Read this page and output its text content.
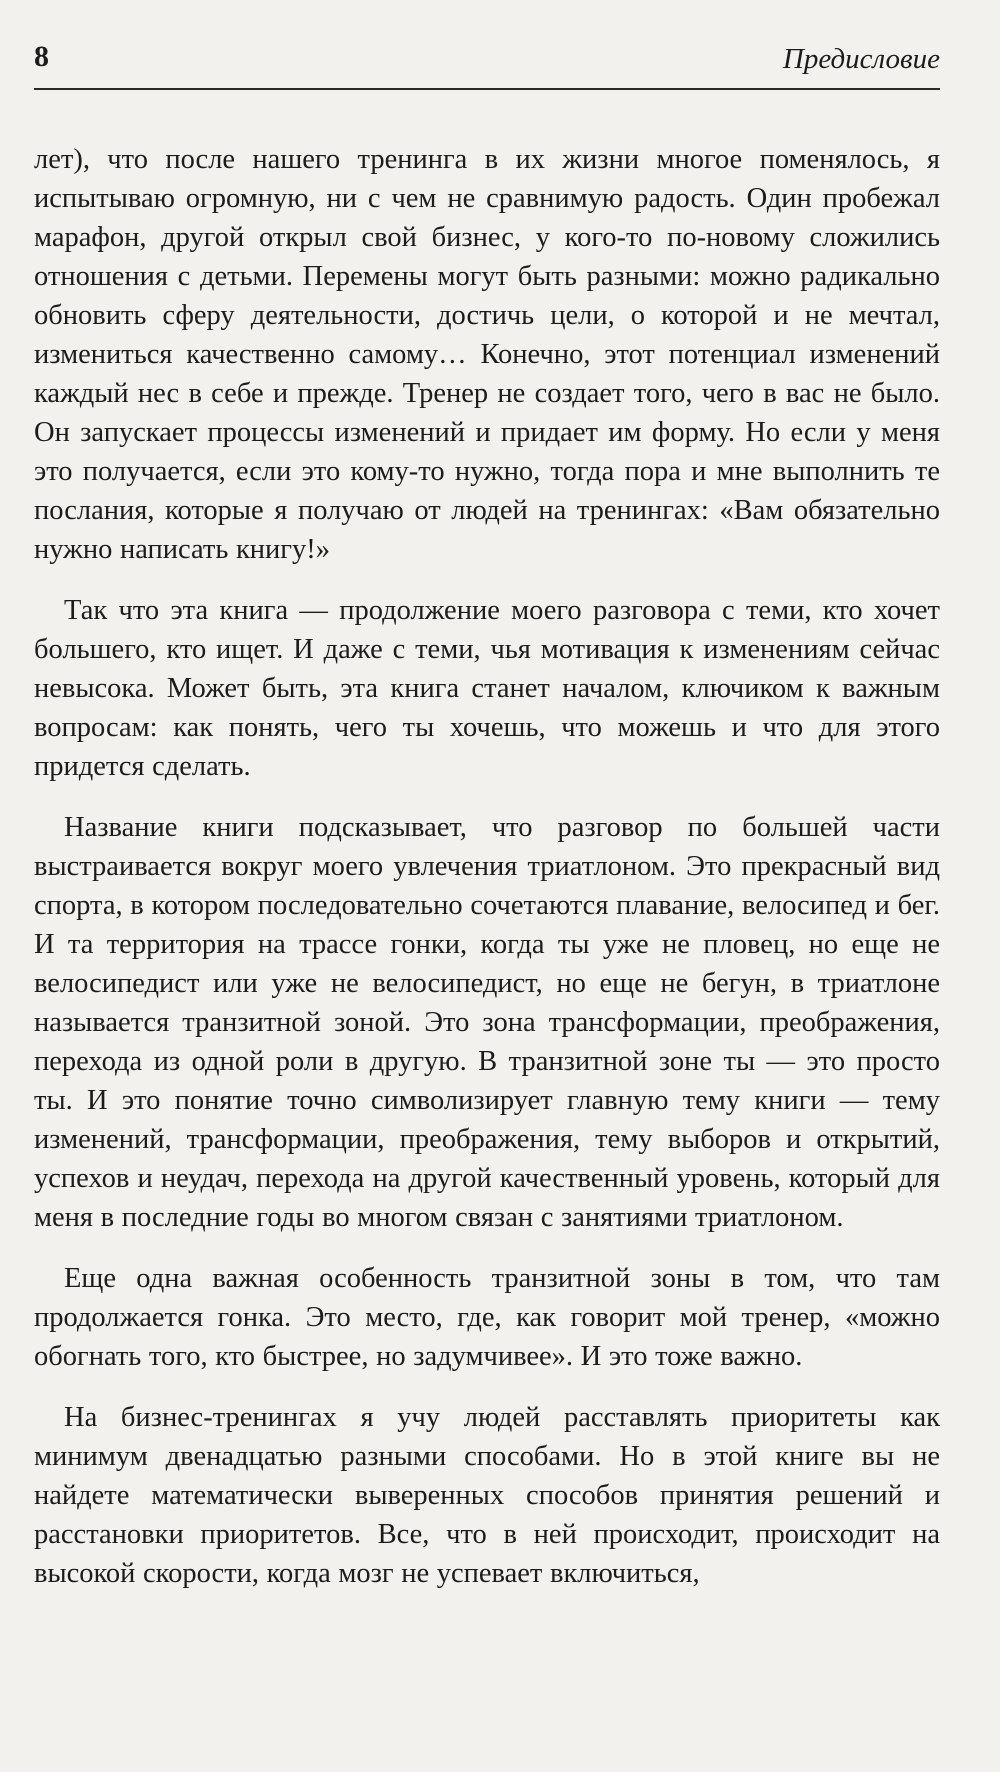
8	Предисловие

лет), что после нашего тренинга в их жизни многое поменялось, я испытываю огромную, ни с чем не сравнимую радость. Один пробежал марафон, другой открыл свой бизнес, у кого-то по-новому сложились отношения с детьми. Перемены могут быть разными: можно радикально обновить сферу деятельности, достичь цели, о которой и не мечтал, измениться качественно самому… Конечно, этот потенциал изменений каждый нес в себе и прежде. Тренер не создает того, чего в вас не было. Он запускает процессы изменений и придает им форму. Но если у меня это получается, если это кому-то нужно, тогда пора и мне выполнить те послания, которые я получаю от людей на тренингах: «Вам обязательно нужно написать книгу!»

Так что эта книга — продолжение моего разговора с теми, кто хочет большего, кто ищет. И даже с теми, чья мотивация к изменениям сейчас невысока. Может быть, эта книга станет началом, ключиком к важным вопросам: как понять, чего ты хочешь, что можешь и что для этого придется сделать.

Название книги подсказывает, что разговор по большей части выстраивается вокруг моего увлечения триатлоном. Это прекрасный вид спорта, в котором последовательно сочетаются плавание, велосипед и бег. И та территория на трассе гонки, когда ты уже не пловец, но еще не велосипедист или уже не велосипедист, но еще не бегун, в триатлоне называется транзитной зоной. Это зона трансформации, преображения, перехода из одной роли в другую. В транзитной зоне ты — это просто ты. И это понятие точно символизирует главную тему книги — тему изменений, трансформации, преображения, тему выборов и открытий, успехов и неудач, перехода на другой качественный уровень, который для меня в последние годы во многом связан с занятиями триатлоном.

Еще одна важная особенность транзитной зоны в том, что там продолжается гонка. Это место, где, как говорит мой тренер, «можно обогнать того, кто быстрее, но задумчивее». И это тоже важно.

На бизнес-тренингах я учу людей расставлять приоритеты как минимум двенадцатью разными способами. Но в этой книге вы не найдете математически выверенных способов принятия решений и расстановки приоритетов. Все, что в ней происходит, происходит на высокой скорости, когда мозг не успевает включиться,
